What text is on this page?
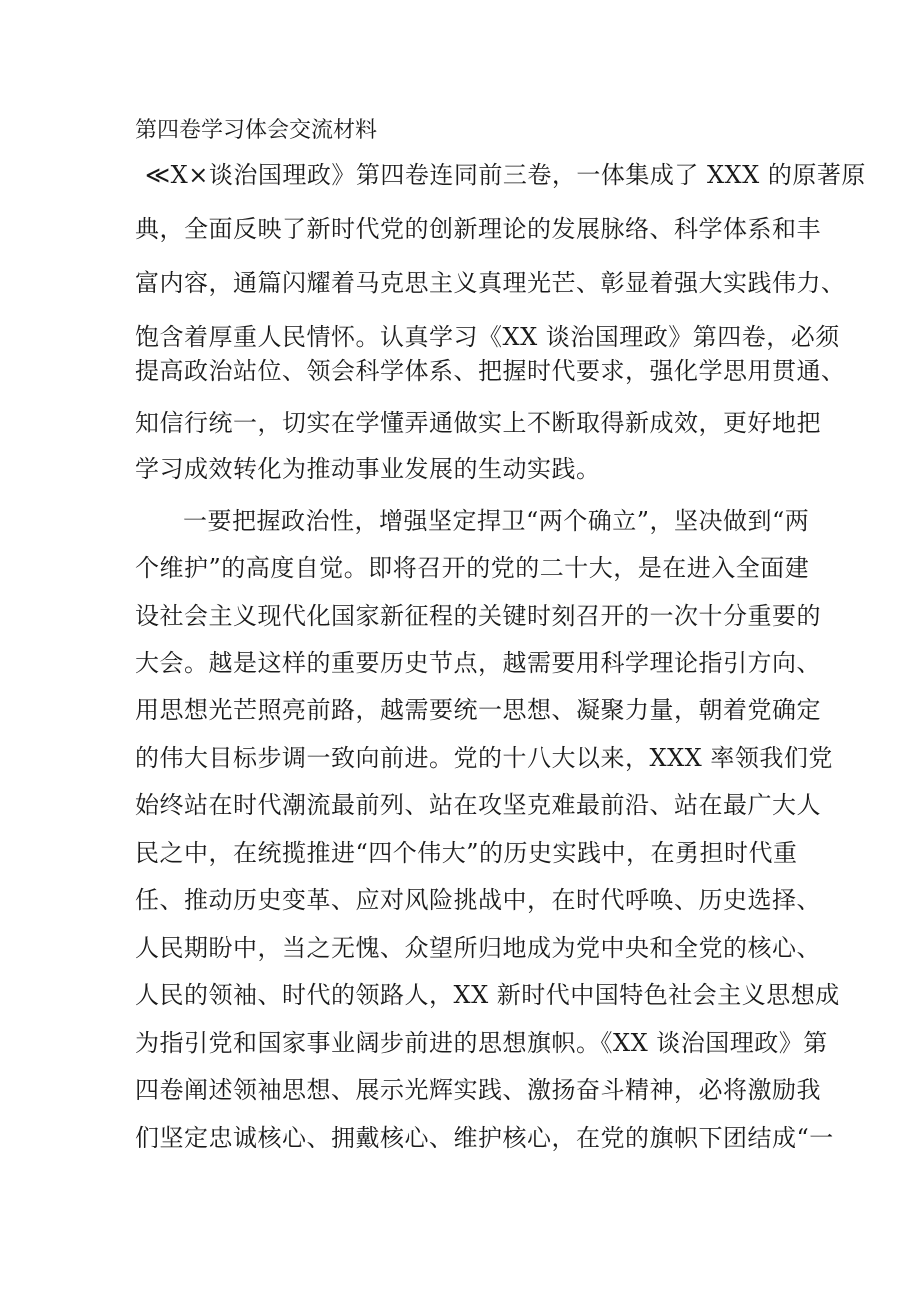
第四卷学习体会交流材料

≪X×谈治国理政》第四卷连同前三卷，一体集成了 XXX 的原著原

典，全面反映了新时代党的创新理论的发展脉络、科学体系和丰

富内容，通篇闪耀着马克思主义真理光芒、彰显着强大实践伟力、

饱含着厚重人民情怀。认真学习《XX 谈治国理政》第四卷，必须

提高政治站位、领会科学体系、把握时代要求，强化学思用贯通、

知信行统一，切实在学懂弄通做实上不断取得新成效，更好地把

学习成效转化为推动事业发展的生动实践。

一要把握政治性，增强坚定捍卫“两个确立”，坚决做到“两

个维护”的高度自觉。即将召开的党的二十大，是在进入全面建

设社会主义现代化国家新征程的关键时刻召开的一次十分重要的

大会。越是这样的重要历史节点，越需要用科学理论指引方向、

用思想光芒照亮前路，越需要统一思想、凝聚力量，朝着党确定

的伟大目标步调一致向前进。党的十八大以来，XXX 率领我们党

始终站在时代潮流最前列、站在攻坚克难最前沿、站在最广大人

民之中，在统揽推进“四个伟大”的历史实践中，在勇担时代重

任、推动历史变革、应对风险挑战中，在时代呼唤、历史选择、

人民期盼中，当之无愧、众望所归地成为党中央和全党的核心、

人民的领袖、时代的领路人，XX 新时代中国特色社会主义思想成

为指引党和国家事业阔步前进的思想旗帜。《XX 谈治国理政》第

四卷阐述领袖思想、展示光辉实践、激扬奋斗精神，必将激励我

们坚定忠诚核心、拥戴核心、维护核心，在党的旗帜下团结成“一
